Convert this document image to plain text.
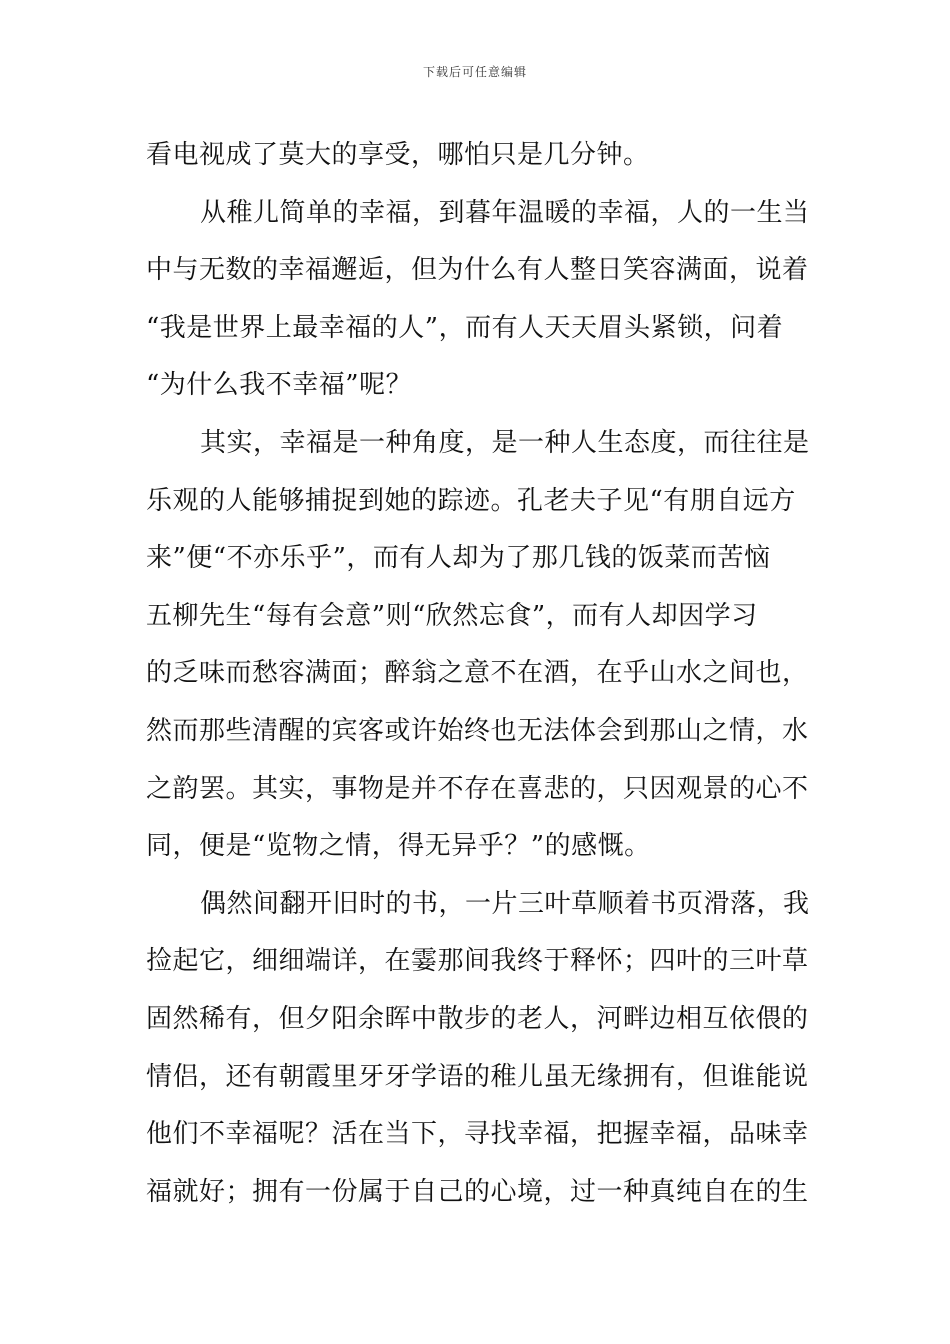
下载后可任意编辑
看电视成了莫大的享受，哪怕只是几分钟。
从稚儿简单的幸福，到暮年温暖的幸福，人的一生当
中与无数的幸福邂逅，但为什么有人整日笑容满面，说着
“我是世界上最幸福的人”，而有人天天眉头紧锁，问着
“为什么我不幸福”呢？
其实，幸福是一种角度，是一种人生态度，而往往是
乐观的人能够捕捉到她的踪迹。孔老夫子见“有朋自远方
来”便“不亦乐乎”，而有人却为了那几钱的饭菜而苦恼
五柳先生“每有会意”则“欣然忘食”，而有人却因学习
的乏味而愁容满面；醉翁之意不在酒，在乎山水之间也，
然而那些清醒的宾客或许始终也无法体会到那山之情，水
之韵罢。其实，事物是并不存在喜悲的，只因观景的心不
同，便是“览物之情，得无异乎？”的感慨。
偶然间翻开旧时的书，一片三叶草顺着书页滑落，我
捡起它，细细端详，在霎那间我终于释怀；四叶的三叶草
固然稀有，但夕阳余晖中散步的老人，河畔边相互依偎的
情侣，还有朝霞里牙牙学语的稚儿虽无缘拥有，但谁能说
他们不幸福呢？活在当下，寻找幸福，把握幸福，品味幸
福就好；拥有一份属于自己的心境，过一种真纯自在的生
